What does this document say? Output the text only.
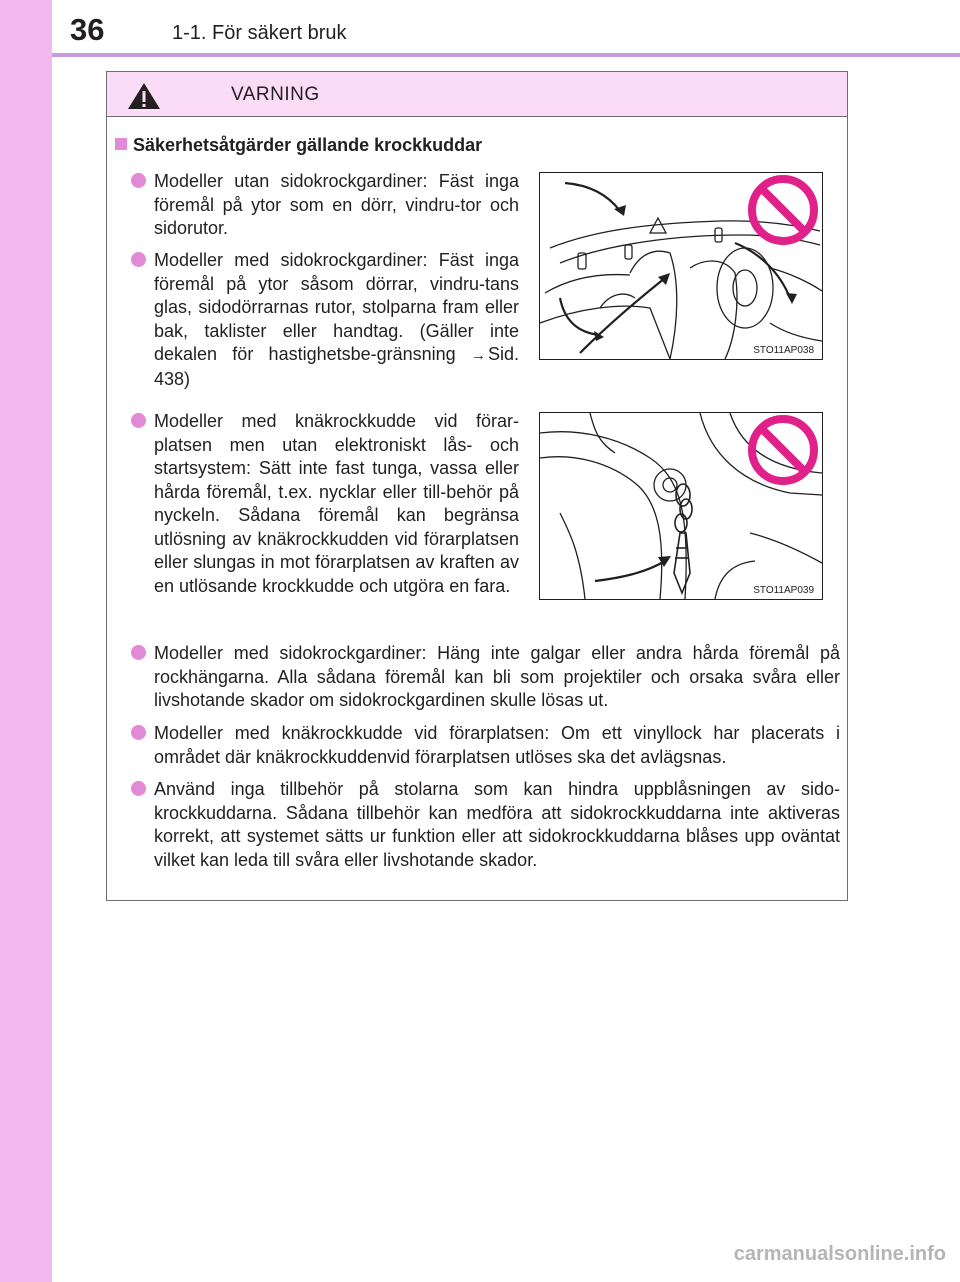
36	1-1. För säkert bruk
VARNING
Säkerhetsåtgärder gällande krockkuddar
Modeller utan sidokrockgardiner: Fäst inga föremål på ytor som en dörr, vindru-tor och sidorutor.
Modeller med sidokrockgardiner: Fäst inga föremål på ytor såsom dörrar, vindru-tans glas, sidodörrarnas rutor, stolparna fram eller bak, taklister eller handtag. (Gäller inte dekalen för hastighetsbe-gränsning → Sid. 438)
Modeller med knäkrockkudde vid förar-platsen men utan elektroniskt lås- och startsystem: Sätt inte fast tunga, vassa eller hårda föremål, t.ex. nycklar eller till-behör på nyckeln. Sådana föremål kan begränsa utlösning av knäkrockkudden vid förarplatsen eller slungas in mot förarplatsen av kraften av en utlösande krockkudde och utgöra en fara.
Modeller med sidokrockgardiner: Häng inte galgar eller andra hårda föremål på rockhängarna. Alla sådana föremål kan bli som projektiler och orsaka svåra eller livshotande skador om sidokrockgardinen skulle lösas ut.
Modeller med knäkrockkudde vid förarplatsen: Om ett vinyllock har placerats i området där knäkrockkuddenvid förarplatsen utlöses ska det avlägsnas.
Använd inga tillbehör på stolarna som kan hindra uppblåsningen av sido-krockkuddarna. Sådana tillbehör kan medföra att sidokrockkuddarna inte aktiveras korrekt, att systemet sätts ur funktion eller att sidokrockkuddarna blåses upp oväntat vilket kan leda till svåra eller livshotande skador.
STO11AP038
STO11AP039
carmanualsonline.info
